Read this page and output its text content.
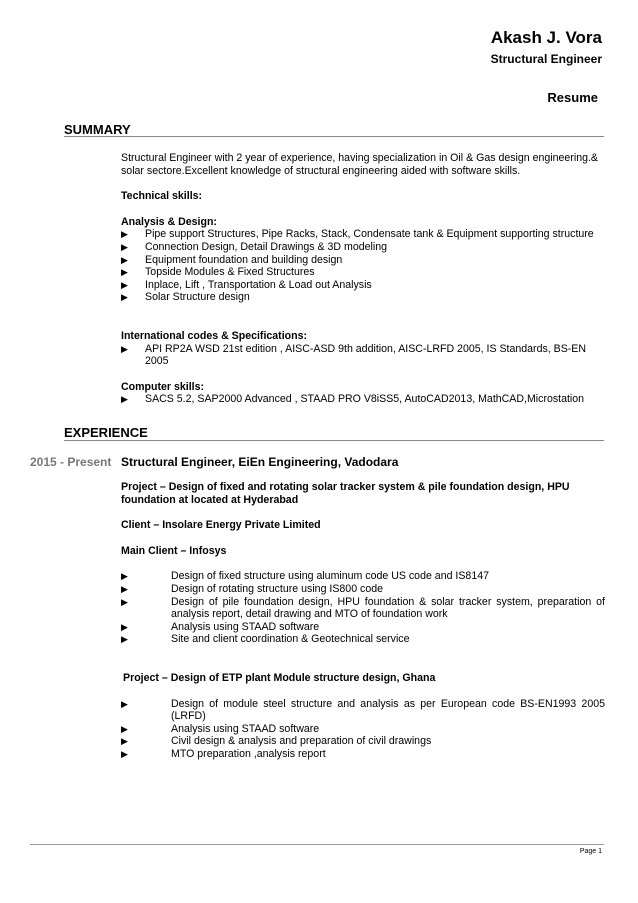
Akash J. Vora
Structural Engineer
Resume
SUMMARY

Structural Engineer with 2 year of experience, having specialization in Oil & Gas design engineering.& solar sectore.Excellent knowledge of structural engineering aided with software skills.

Technical skills:

Analysis & Design:

▶ Pipe support Structures, Pipe Racks, Stack, Condensate tank & Equipment supporting structure
▶ Connection Design, Detail Drawings & 3D modeling
▶ Equipment foundation and building design
▶ Topside Modules & Fixed Structures
▶ Inplace, Lift , Transportation & Load out Analysis
▶ Solar Structure design

International codes & Specifications:

▶ API RP2A WSD 21st edition , AISC-ASD 9th addition, AISC-LRFD 2005, IS Standards, BS-EN 2005

Computer skills:

▶ SACS 5.2, SAP2000 Advanced , STAAD PRO V8iSS5, AutoCAD2013, MathCAD,Microstation
EXPERIENCE
2015 - Present Structural Engineer, EiEn Engineering, Vadodara

Project – Design of fixed and rotating solar tracker system & pile foundation design, HPU foundation at located at Hyderabad

Client – Insolare Energy Private Limited

Main Client – Infosys

▶	Design of fixed structure using aluminum code US code and IS8147
▶	Design of rotating structure using IS800 code
▶	Design of pile foundation design, HPU foundation & solar tracker system, preparation of analysis report, detail drawing and MTO of foundation work
▶	Analysis using STAAD software
▶	Site and client coordination & Geotechnical service

Project – Design of ETP plant Module structure design, Ghana

▶	Design of module steel structure and analysis as per European code BS-EN1993 2005 (LRFD)
▶	Analysis using STAAD software
▶	Civil design & analysis and preparation of civil drawings
▶	MTO preparation ,analysis report
Page 1
